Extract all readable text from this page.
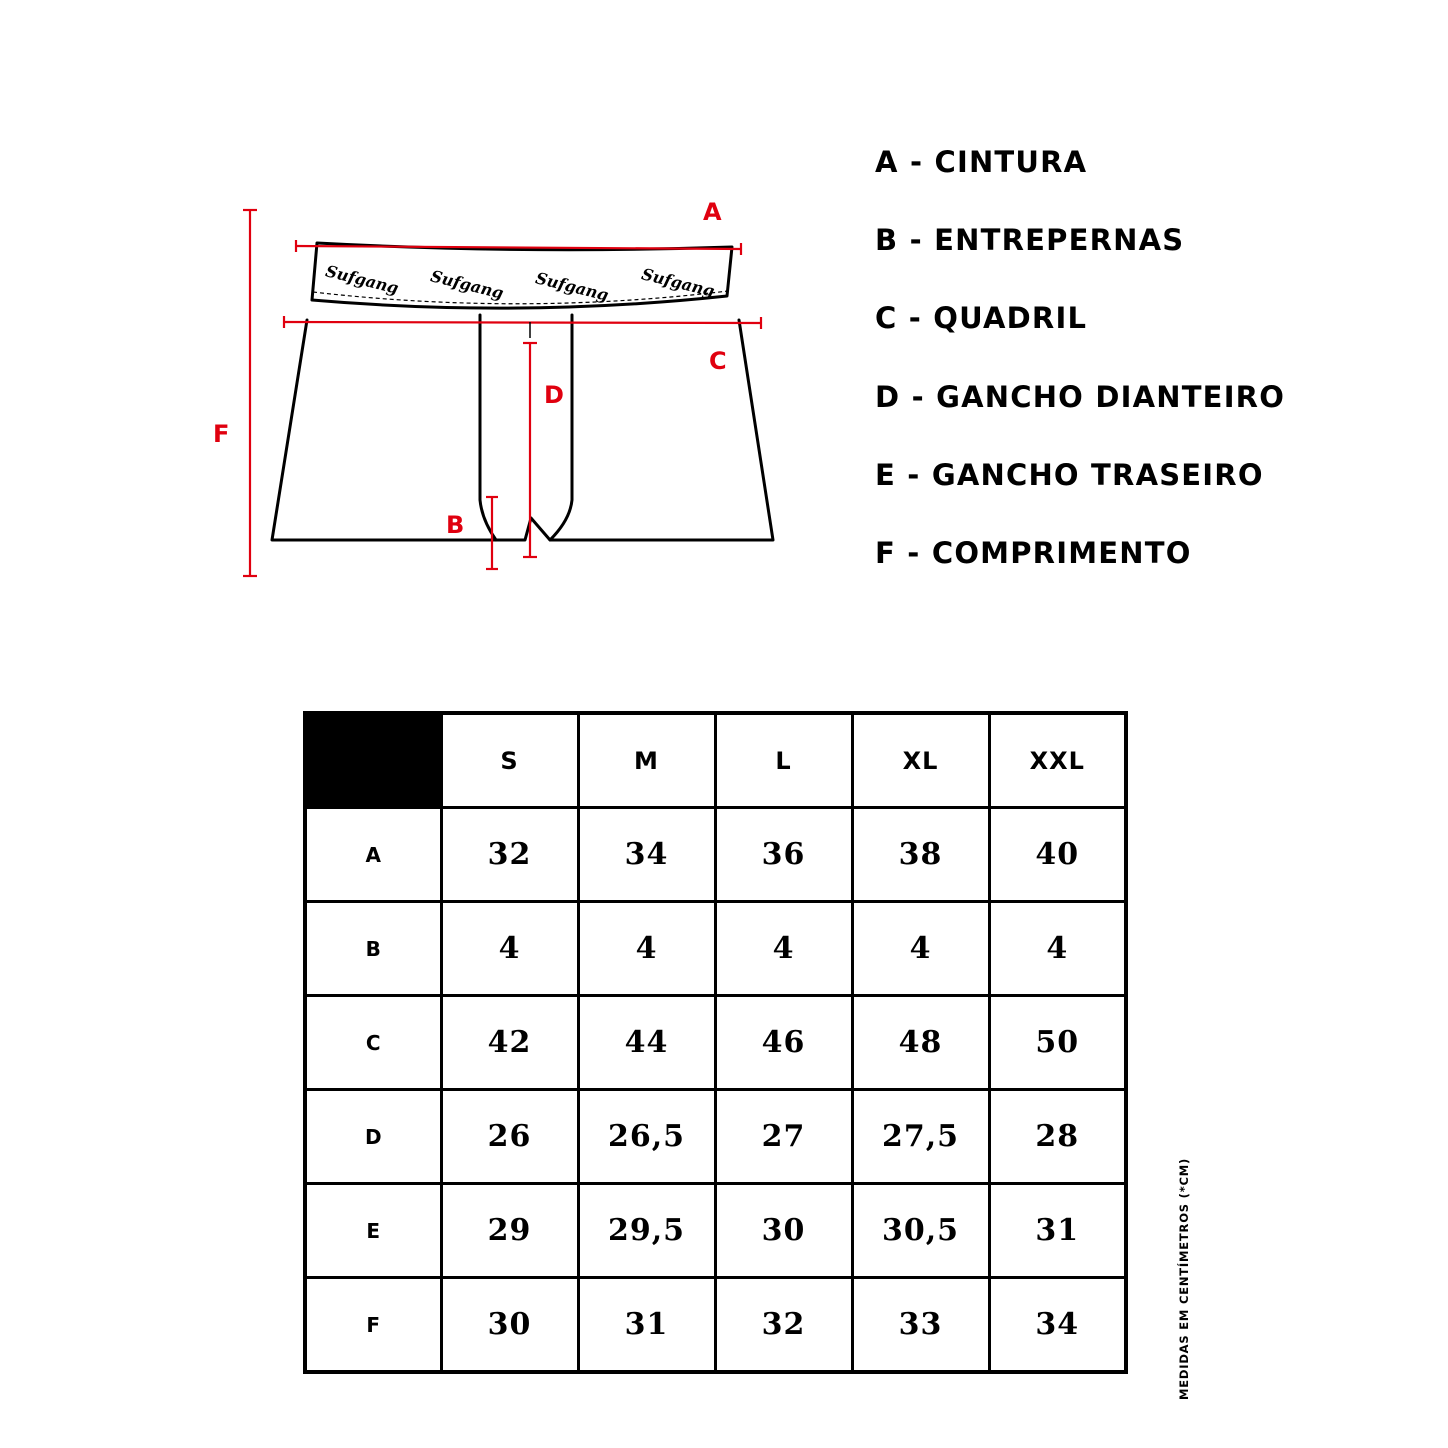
Sufgang Sufgang Sufgang Sufgang
A
C
D
B
F
A - CINTURA
B - ENTREPERNAS
C - QUADRIL
D - GANCHO DIANTEIRO
E - GANCHO TRASEIRO
F - COMPRIMENTO
	S	M	L	XL	XXL
A	32	34	36	38	40
B	4	4	4	4	4
C	42	44	46	48	50
D	26	26,5	27	27,5	28
E	29	29,5	30	30,5	31
F	30	31	32	33	34	MEDIDAS EM CENTÍMETROS (*CM)
